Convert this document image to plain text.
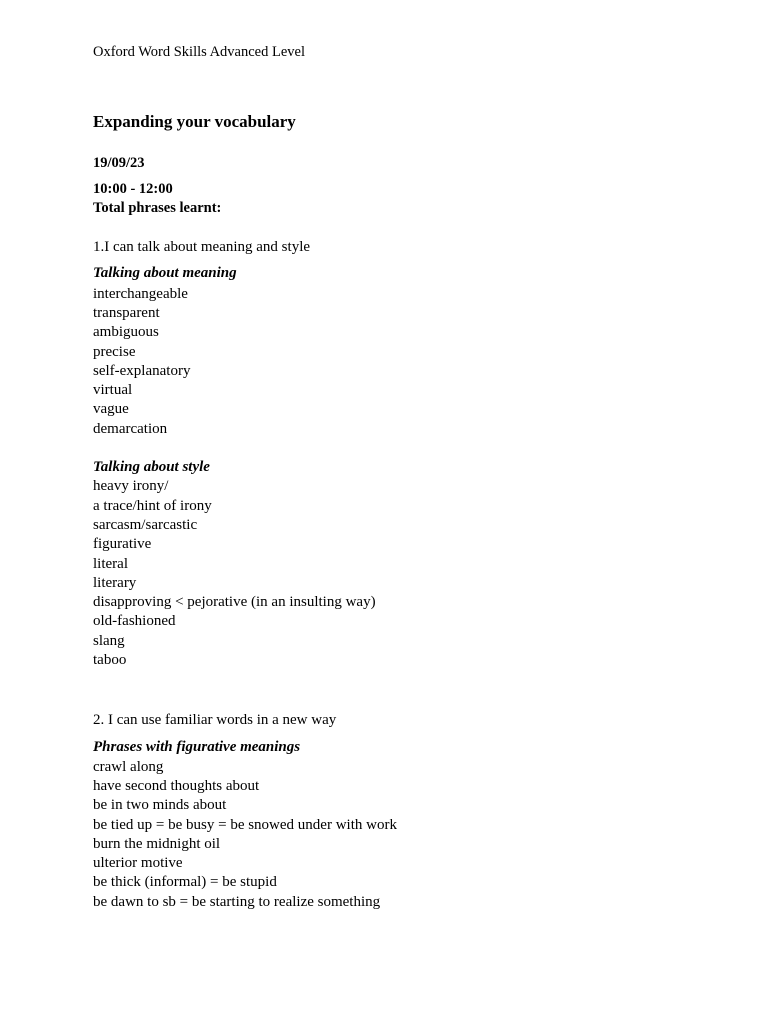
Oxford Word Skills Advanced Level
Expanding your vocabulary
19/09/23
10:00 - 12:00
Total phrases learnt:
1.I can talk about meaning and style
Talking about meaning
interchangeable
transparent
ambiguous
precise
self-explanatory
virtual
vague
demarcation
Talking about style
heavy irony/
a trace/hint of irony
sarcasm/sarcastic
figurative
literal
literary
disapproving < pejorative (in an insulting way)
old-fashioned
slang
taboo
2. I can use familiar words in a new way
Phrases with figurative meanings
crawl along
have second thoughts about
be in two minds about
be tied up = be busy = be snowed under with work
burn the midnight oil
ulterior motive
be thick (informal) = be stupid
be dawn to sb = be starting to realize something
